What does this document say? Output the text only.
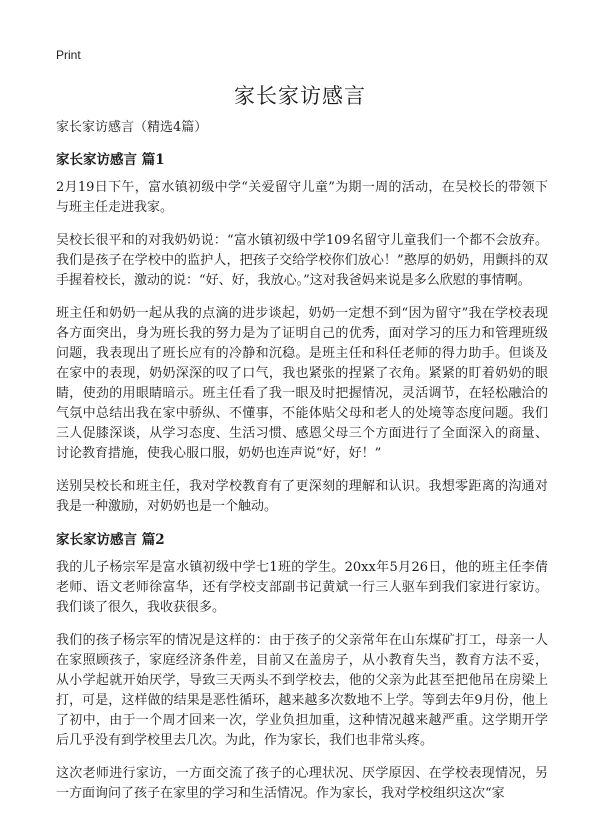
Print
家长家访感言

家长家访感言（精选4篇）

家长家访感言 篇1

2月19日下午，富水镇初级中学“关爱留守儿童”为期一周的活动，在吴校长的带领下与班主任走进我家。

吴校长很平和的对我奶奶说：“富水镇初级中学109名留守儿童我们一个都不会放弃。我们是孩子在学校中的监护人，把孩子交给学校你们放心！”憨厚的奶奶，用颤抖的双手握着校长，激动的说：“好、好，我放心。”这对我爸妈来说是多么欣慰的事情啊。

班主任和奶奶一起从我的点滴的进步谈起，奶奶一定想不到“因为留守”我在学校表现各方面突出，身为班长我的努力是为了证明自己的优秀，面对学习的压力和管理班级问题，我表现出了班长应有的冷静和沉稳。是班主任和科任老师的得力助手。但谈及在家中的表现，奶奶深深的叹了口气，我也紧张的捏紧了衣角。紧紧的盯着奶奶的眼睛，使劲的用眼睛暗示。班主任看了我一眼及时把握情况，灵活调节，在轻松融洽的气氛中总结出我在家中骄纵、不懂事，不能体贴父母和老人的处境等态度问题。我们三人促膝深谈，从学习态度、生活习惯、感恩父母三个方面进行了全面深入的商量、讨论教育措施，使我心服口服，奶奶也连声说“好，好！”

送别吴校长和班主任，我对学校教育有了更深刻的理解和认识。我想零距离的沟通对我是一种激励，对奶奶也是一个触动。

家长家访感言 篇2

我的儿子杨宗军是富水镇初级中学七1班的学生。20xx年5月26日，他的班主任李倩老师、语文老师徐富华，还有学校支部副书记黄斌一行三人驱车到我们家进行家访。我们谈了很久，我收获很多。

我们的孩子杨宗军的情况是这样的：由于孩子的父亲常年在山东煤矿打工，母亲一人在家照顾孩子，家庭经济条件差，目前又在盖房子，从小教育失当，教育方法不妥，从小学起就开始厌学，导致三天两头不到学校去，他的父亲为此甚至把他吊在房梁上打，可是，这样做的结果是恶性循环，越来越多次数地不上学。等到去年9月份，他上了初中，由于一个周才回来一次，学业负担加重，这种情况越来越严重。这学期开学后几乎没有到学校里去几次。为此，作为家长，我们也非常头疼。

这次老师进行家访，一方面交流了孩子的心理状况、厌学原因、在学校表现情况，另一方面询问了孩子在家里的学习和生活情况。作为家长，我对学校组织这次“家
